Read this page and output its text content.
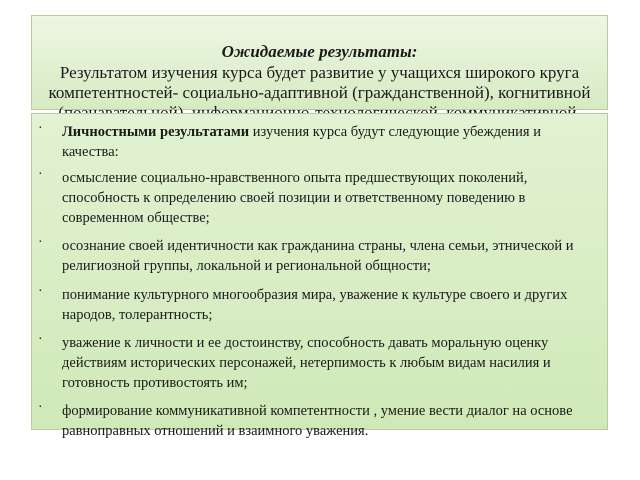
Ожидаемые результаты:
Результатом изучения курса будет развитие у учащихся широкого круга компетентностей- социально-адаптивной (гражданственной), когнитивной
· Личностными результатами изучения курса будут следующие убеждения и качества:
· осмысление социально-нравственного опыта предшествующих поколений, способность к определению своей позиции и ответственному поведению в современном обществе;
· осознание своей идентичности как гражданина страны, члена семьи, этнической и религиозной группы, локальной и региональной общности;
· понимание культурного многообразия мира, уважение к культуре своего и других народов, толерантность;
· уважение к личности и ее достоинству, способность давать моральную оценку действиям исторических персонажей, нетерпимость к любым видам насилия и готовность противостоять им;
· формирование коммуникативной компетентности , умение вести диалог на основе равноправных отношений и взаимного уважения.
